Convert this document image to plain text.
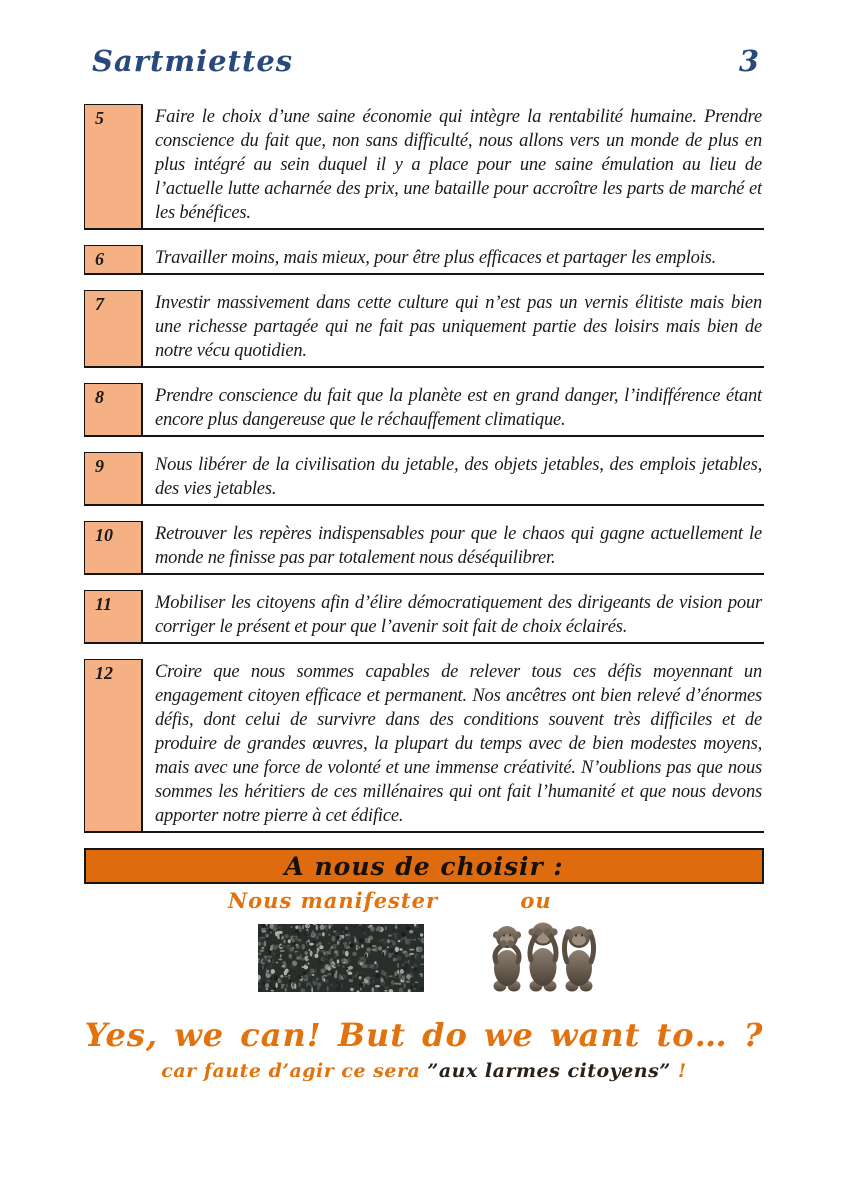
Sartmiettes	3
5	Faire le choix d’une saine économie qui intègre la rentabilité humaine. Prendre conscience du fait que, non sans difficulté, nous allons vers un monde de plus en plus intégré au sein duquel il y a place pour une saine émulation au lieu de l’actuelle lutte acharnée des prix, une bataille pour accroître les parts de marché et les bénéfices.
6	Travailler moins, mais mieux, pour être plus efficaces et partager les emplois.
7	Investir massivement dans cette culture qui n’est pas un vernis élitiste mais bien une richesse partagée qui ne fait pas uniquement partie des loisirs mais bien de notre vécu quotidien.
8	Prendre conscience du fait que la planète est en grand danger, l’indifférence étant encore plus dangereuse que le réchauffement climatique.
9	Nous libérer de la civilisation du jetable, des objets jetables, des emplois jetables, des vies jetables.
10	Retrouver les repères indispensables pour que le chaos qui gagne actuellement le monde ne finisse pas par totalement nous déséquilibrer.
11	Mobiliser les citoyens afin d’élire démocratiquement des dirigeants de vision pour corriger le présent et pour que l’avenir soit fait de choix éclairés.
12	Croire que nous sommes capables de relever tous ces défis moyennant un engagement citoyen efficace et permanent. Nos ancêtres ont bien relevé d’énormes défis, dont celui de survivre dans des conditions souvent très difficiles et de produire de grandes œuvres, la plupart du temps avec de bien modestes moyens, mais avec une force de volonté et une immense créativité. N’oublions pas que nous sommes les héritiers de ces millénaires qui ont fait l’humanité et que nous devons apporter notre pierre à cet édifice.
A nous de choisir :
Nous manifester	ou
Yes, we can! But do we want to… ?
car faute d’agir ce sera ”aux larmes citoyens” !
